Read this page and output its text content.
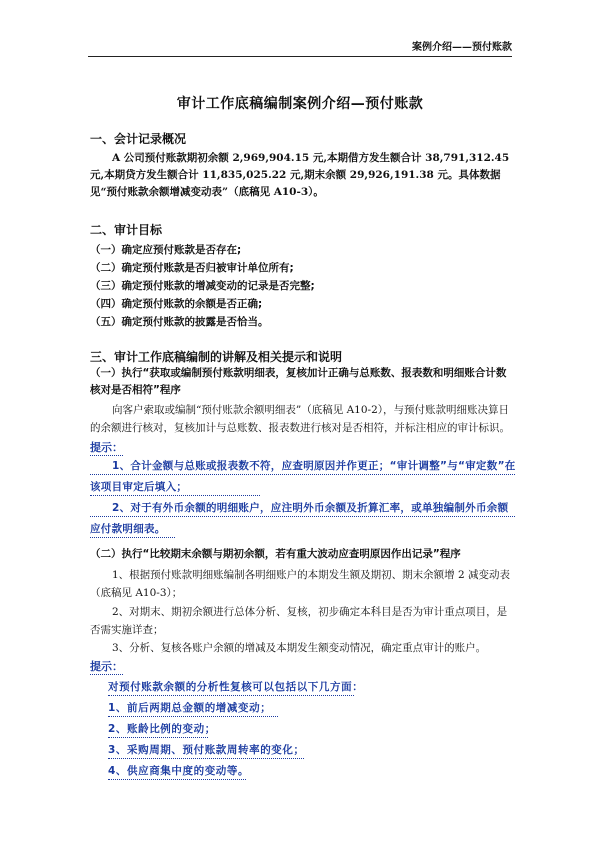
案例介绍——预付账款
审计工作底稿编制案例介绍—预付账款
一、会计记录概况
A 公司预付账款期初余额 2,969,904.15 元,本期借方发生额合计 38,791,312.45 元,本期贷方发生额合计 11,835,025.22 元,期末余额 29,926,191.38 元。具体数据见“预付账款余额增减变动表”（底稿见 A10-3）。
二、审计目标
（一）确定应预付账款是否存在;
（二）确定预付账款是否归被审计单位所有;
（三）确定预付账款的增减变动的记录是否完整;
（四）确定预付账款的余额是否正确;
（五）确定预付账款的披露是否恰当。
三、审计工作底稿编制的讲解及相关提示和说明
（一）执行“获取或编制预付账款明细表，复核加计正确与总账数、报表数和明细账合计数核对是否相符”程序
向客户索取或编制“预付账款余额明细表”（底稿见 A10-2），与预付账款明细账决算日的余额进行核对，复核加计与总账数、报表数进行核对是否相符，并标注相应的审计标识。
提示：
1、合计金额与总账或报表数不符，应查明原因并作更正；“审计调整”与“审定数”在该项目审定后填入；
2、对于有外币余额的明细账户，应注明外币余额及折算汇率，或单独编制外币余额应付款明细表。
（二）执行“比较期末余额与期初余额，若有重大波动应查明原因作出记录”程序
1、根据预付账款明细账编制各明细账户的本期发生额及期初、期末余额增 2 减变动表（底稿见 A10-3）；
2、对期末、期初余额进行总体分析、复核，初步确定本科目是否为审计重点项目，是否需实施详查；
3、分析、复核各账户余额的增减及本期发生额变动情况，确定重点审计的账户。
提示：
对预付账款余额的分析性复核可以包括以下几方面：
1、前后两期总金额的增减变动；
2、账龄比例的变动；
3、采购周期、预付账款周转率的变化；
4、供应商集中度的变动等。
